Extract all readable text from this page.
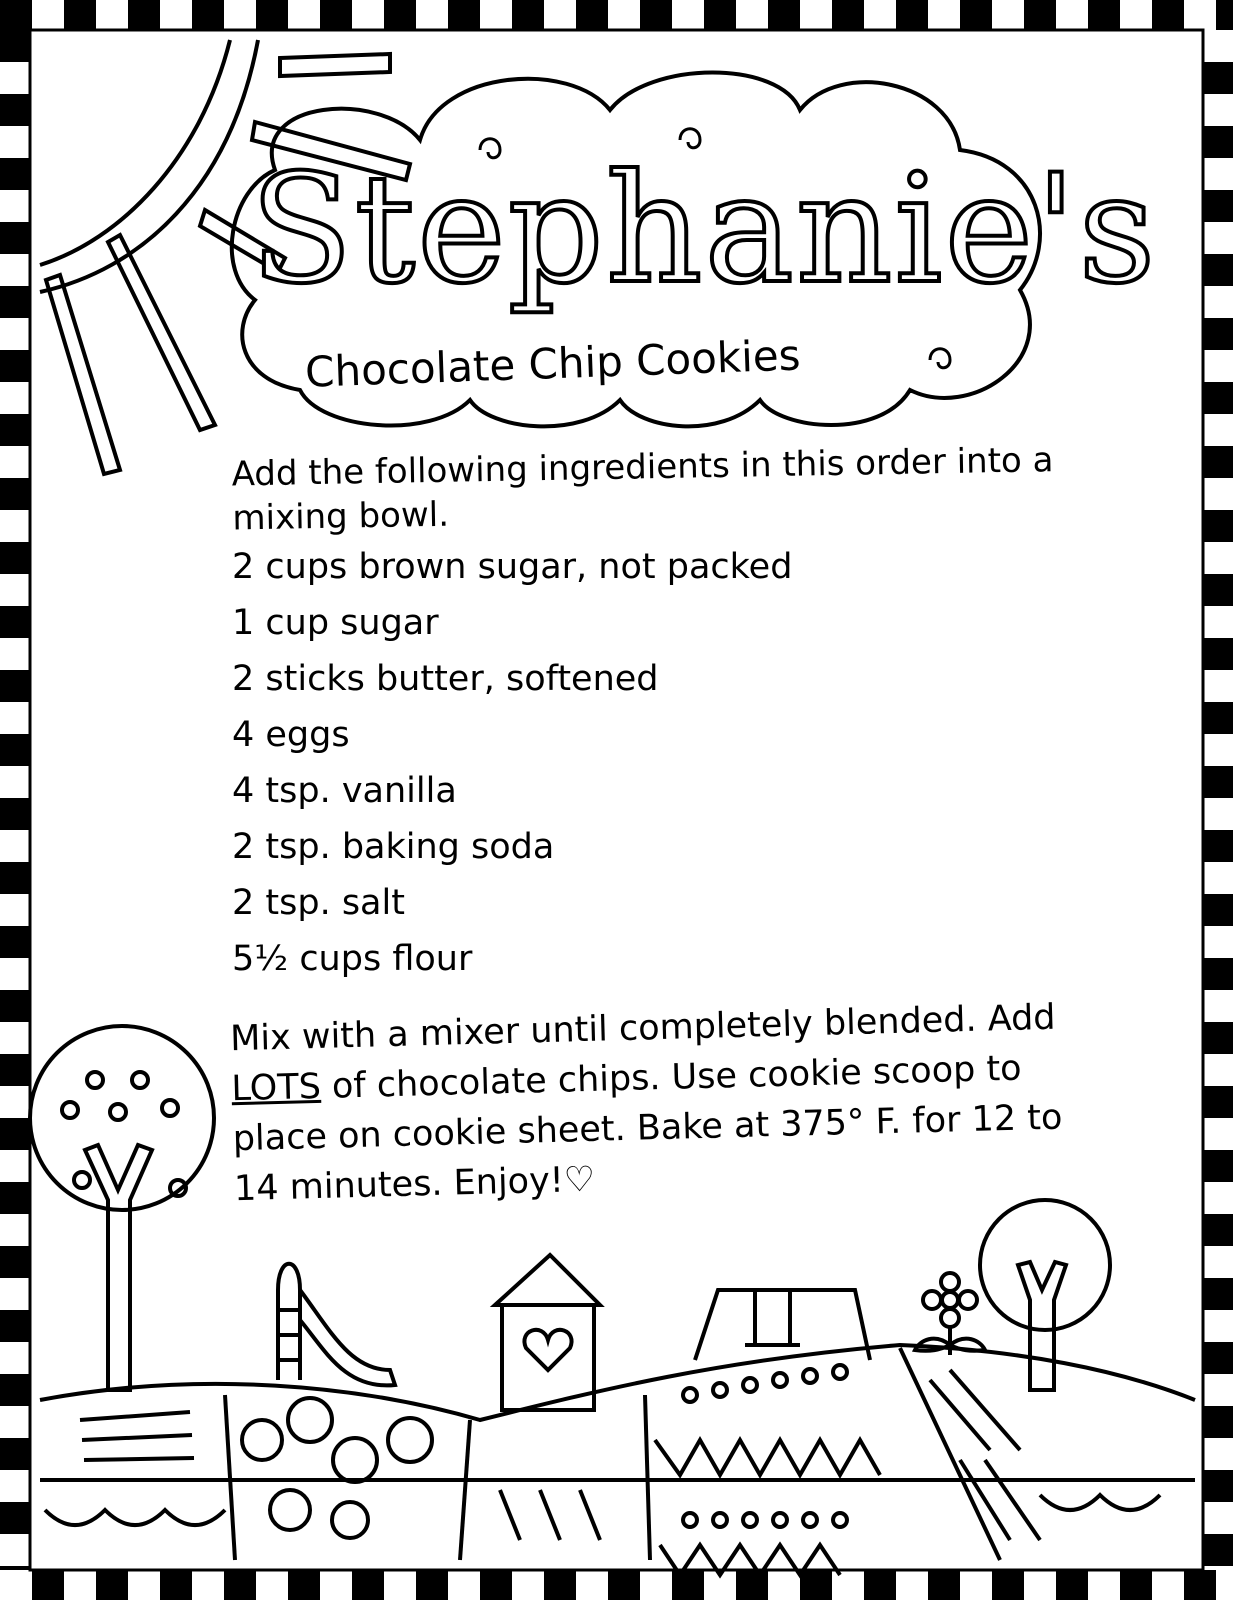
Stephanie's
Chocolate Chip Cookies

Add the following ingredients in this order into a mixing bowl.

2 cups brown sugar, not packed
1 cup sugar
2 sticks butter, softened
4 eggs
4 tsp. vanilla
2 tsp. baking soda
2 tsp. salt
5½ cups flour

Mix with a mixer until completely blended. Add LOTS of chocolate chips. Use cookie scoop to place on cookie sheet. Bake at 375° F. for 12 to 14 minutes. Enjoy!♡
